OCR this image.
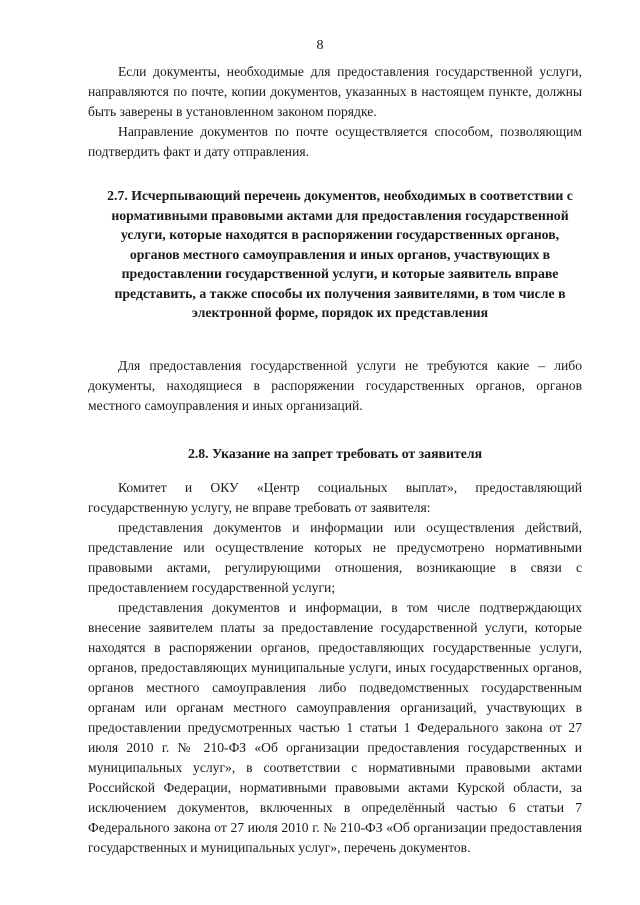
8

Если документы, необходимые для предоставления государственной услуги, направляются по почте, копии документов, указанных в настоящем пункте, должны быть заверены в установленном законом порядке.

Направление документов по почте осуществляется способом, позволяющим подтвердить факт и дату отправления.

2.7. Исчерпывающий перечень документов, необходимых в соответствии с нормативными правовыми актами для предоставления государственной услуги, которые находятся в распоряжении государственных органов, органов местного самоуправления и иных органов, участвующих в предоставлении государственной услуги, и которые заявитель вправе представить, а также способы их получения заявителями, в том числе в электронной форме, порядок их представления

Для предоставления государственной услуги не требуются какие – либо документы, находящиеся в распоряжении государственных органов, органов местного самоуправления и иных организаций.

2.8. Указание на запрет требовать от заявителя

Комитет и ОКУ «Центр социальных выплат», предоставляющий государственную услугу, не вправе требовать от заявителя:

представления документов и информации или осуществления действий, представление или осуществление которых не предусмотрено нормативными правовыми актами, регулирующими отношения, возникающие в связи с предоставлением государственной услуги;

представления документов и информации, в том числе подтверждающих внесение заявителем платы за предоставление государственной услуги, которые находятся в распоряжении органов, предоставляющих государственные услуги, органов, предоставляющих муниципальные услуги, иных государственных органов, органов местного самоуправления либо подведомственных государственным органам или органам местного самоуправления организаций, участвующих в предоставлении предусмотренных частью 1 статьи 1 Федерального закона от 27 июля 2010 г. № 210-ФЗ «Об организации предоставления государственных и муниципальных услуг», в соответствии с нормативными правовыми актами Российской Федерации, нормативными правовыми актами Курской области, за исключением документов, включенных в определённый частью 6 статьи 7 Федерального закона от 27 июля 2010 г. № 210-ФЗ «Об организации предоставления государственных и муниципальных услуг», перечень документов.
